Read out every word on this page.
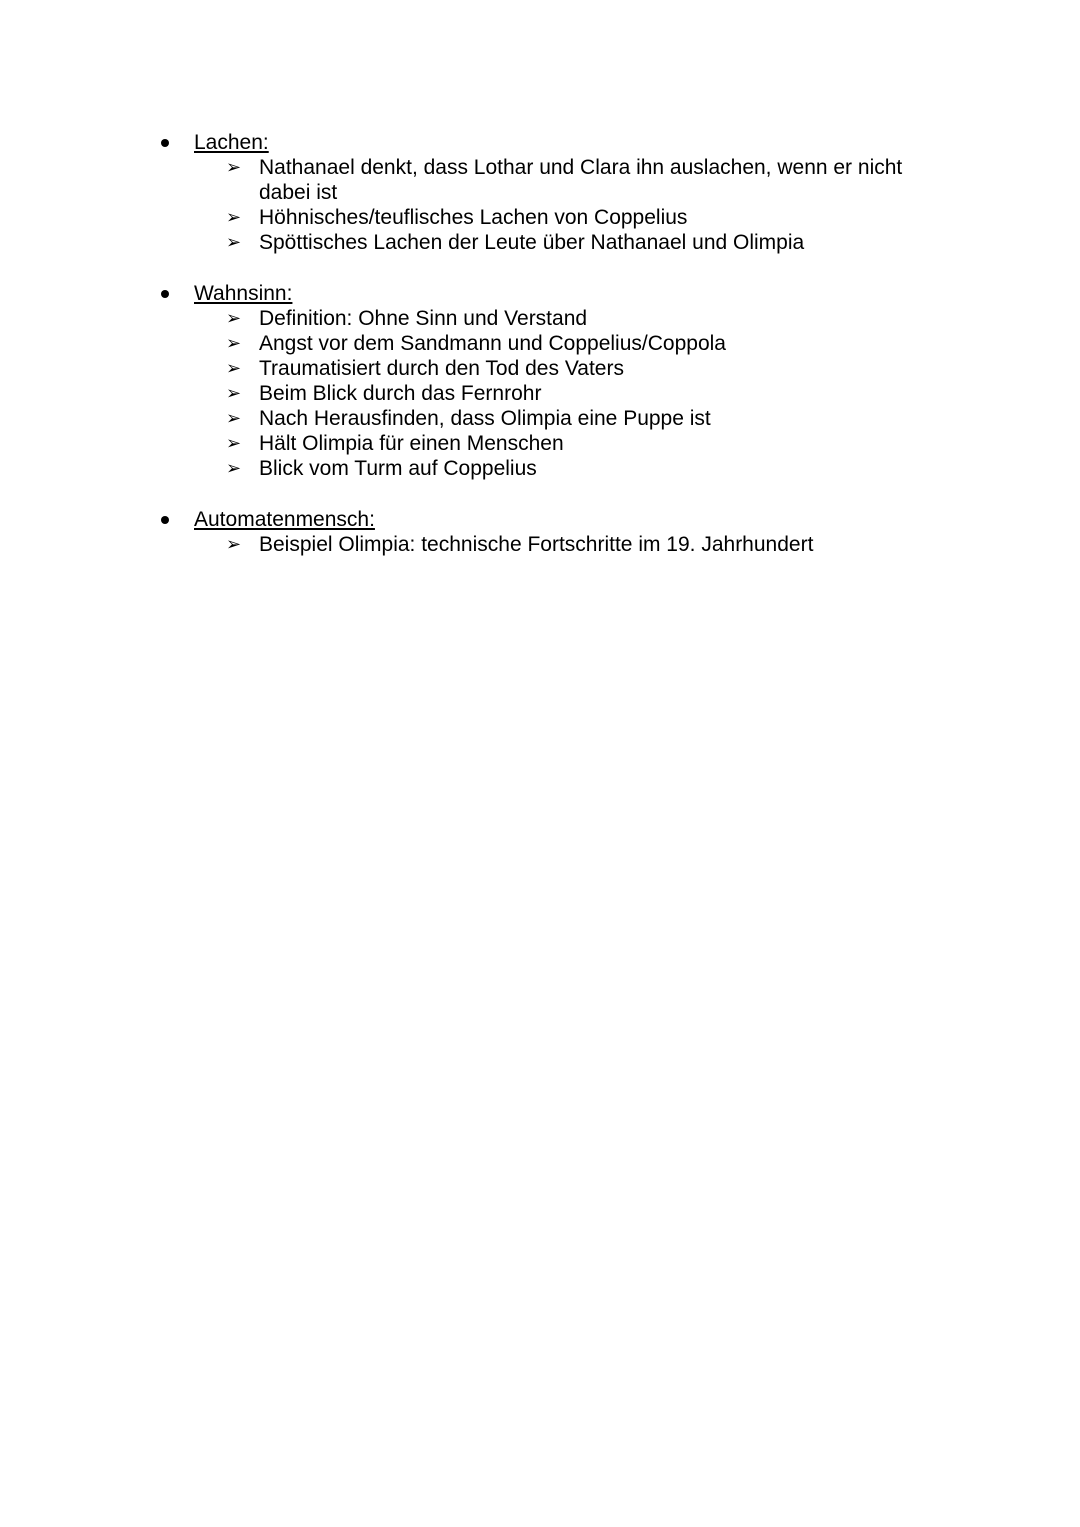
Lachen:
➢ Nathanael denkt, dass Lothar und Clara ihn auslachen, wenn er nicht dabei ist
➢ Höhnisches/teuflisches Lachen von Coppelius
➢ Spöttisches Lachen der Leute über Nathanael und Olimpia
Wahnsinn:
➢ Definition: Ohne Sinn und Verstand
➢ Angst vor dem Sandmann und Coppelius/Coppola
➢ Traumatisiert durch den Tod des Vaters
➢ Beim Blick durch das Fernrohr
➢ Nach Herausfinden, dass Olimpia eine Puppe ist
➢ Hält Olimpia für einen Menschen
➢ Blick vom Turm auf Coppelius
Automatenmensch:
➢ Beispiel Olimpia: technische Fortschritte im 19. Jahrhundert
